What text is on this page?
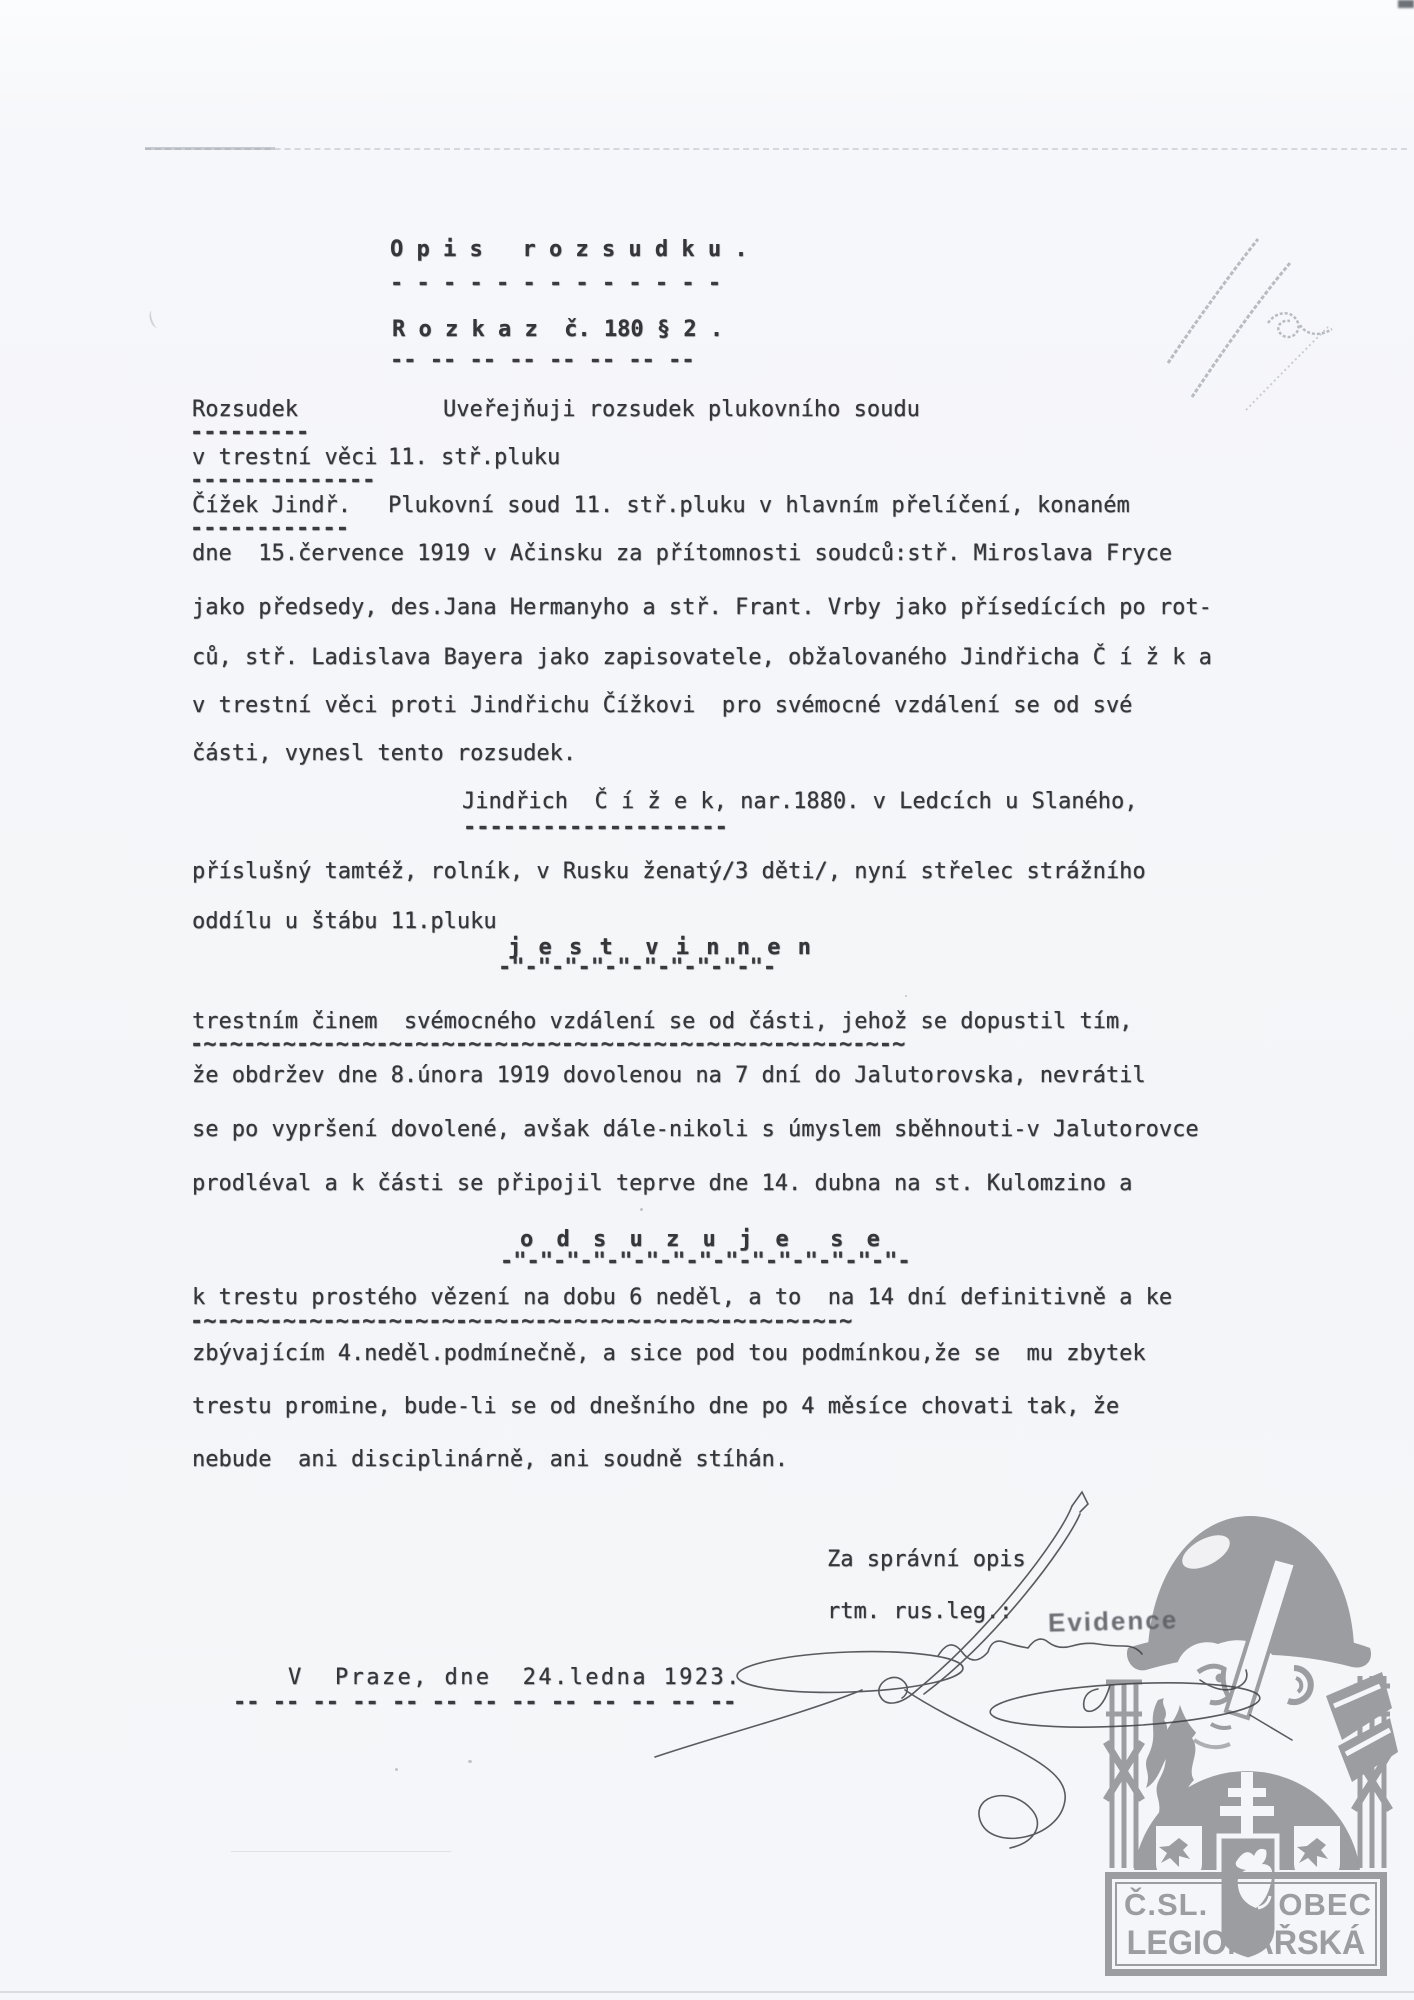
Č.SL. OBEC
LEGIONÁŘSKÁ
O p i s   r o z s u d k u .
- - - - - - - - - - - - -
R o z k a z  č. 180 § 2 .
-- -- -- -- -- -- -- --
Rozsudek
---------
Uveřejňuji rozsudek plukovního soudu
v trestní věci
--------------
11. stř.pluku
Čížek Jindř.
------------
Plukovní soud 11. stř.pluku v hlavním přelíčení, konaném
dne  15.července 1919 v Ačinsku za přítomnosti soudců:stř. Miroslava Fryce
jako předsedy, des.Jana Hermanyho a stř. Frant. Vrby jako přísedících po rot-
ců, stř. Ladislava Bayera jako zapisovatele, obžalovaného Jindřicha Č í ž k a
v trestní věci proti Jindřichu Čížkovi  pro svémocné vzdálení se od své
části, vynesl tento rozsudek.
Jindřich  Č í ž e k, nar.1880. v Ledcích u Slaného,
--------------------
příslušný tamtéž, rolník, v Rusku ženatý/3 děti/, nyní střelec strážního
oddílu u štábu 11.pluku
j e s t  v i n n e n
-"-"-"-"-"-"-"-"-"-"-
trestním činem  svémocného vzdálení se od části, jehož se dopustil tím,
-~-~-~-~-~-~-~-~-~-~-~-~-~-~-~-~-~-~-~-~-~-~-~-~-~-~-~
že obdržev dne 8.února 1919 dovolenou na 7 dní do Jalutorovska, nevrátil
se po vypršení dovolené, avšak dále-nikoli s úmyslem sběhnouti-v Jalutorovce
prodléval a k části se připojil teprve dne 14. dubna na st. Kulomzino a
o d s u z u j e  s e
-"-"-"-"-"-"-"-"-"-"-"-"-"-"-"-
k trestu prostého vězení na dobu 6 neděl, a to  na 14 dní definitivně a ke
-~-~-~-~-~-~-~-~-~-~-~-~-~-~-~-~-~-~-~-~-~-~-~-~-~
zbývajícím 4.neděl.podmínečně, a sice pod tou podmínkou,že se  mu zbytek
trestu promine, bude-li se od dnešního dne po 4 měsíce chovati tak, že
nebude  ani disciplinárně, ani soudně stíhán.
Za správní opis
rtm. rus.leg.: Evidence
V  Praze, dne  24.ledna 1923.
-- -- -- -- -- -- -- -- -- -- -- -- --
